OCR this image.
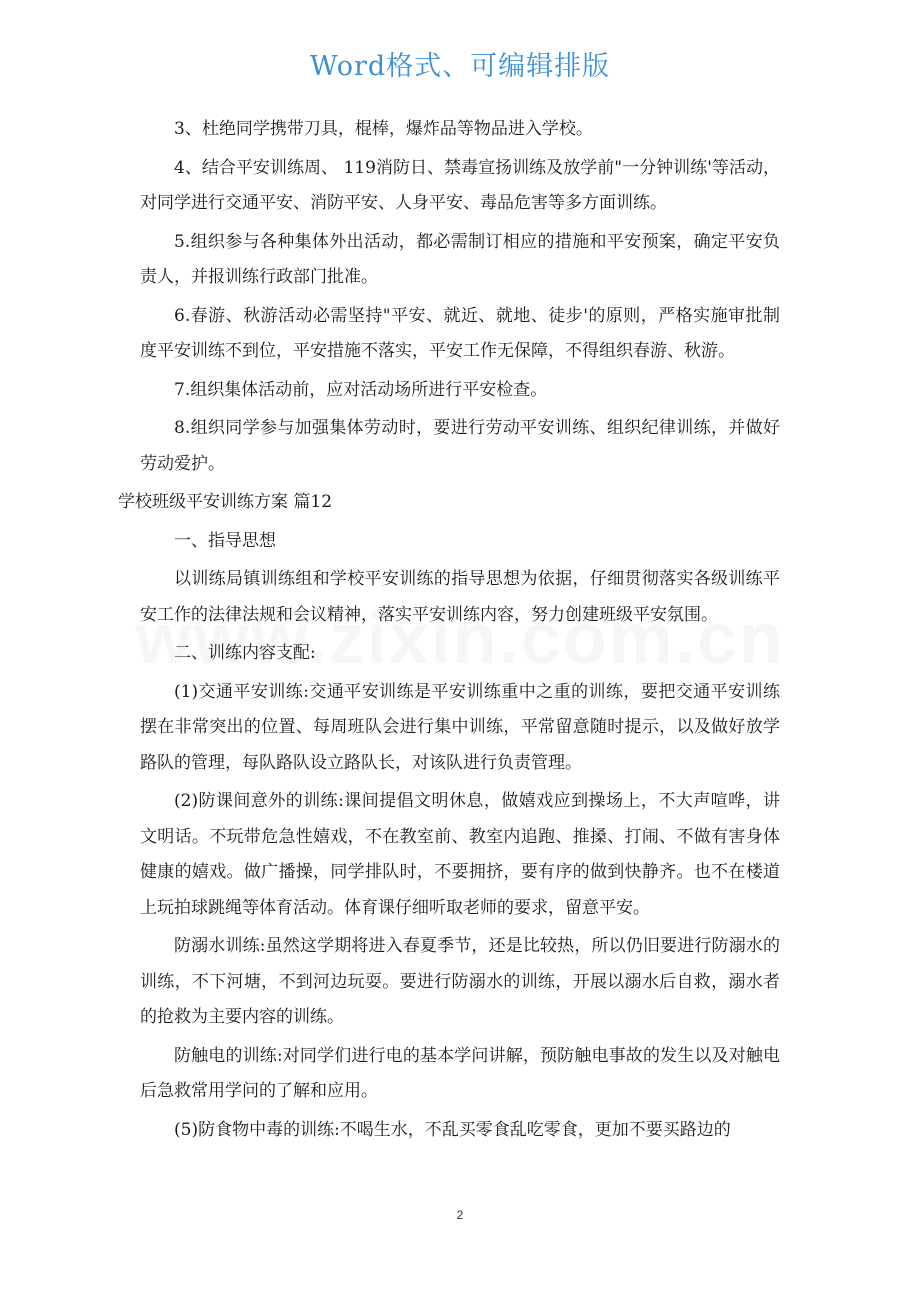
Word格式、可编辑排版

3、杜绝同学携带刀具，棍棒，爆炸品等物品进入学校。

4、结合平安训练周、 119消防日、禁毒宣扬训练及放学前"一分钟训练'等活动，对同学进行交通平安、消防平安、人身平安、毒品危害等多方面训练。

5.组织参与各种集体外出活动，都必需制订相应的措施和平安预案，确定平安负责人，并报训练行政部门批准。

6.春游、秋游活动必需坚持"平安、就近、就地、徒步'的原则，严格实施审批制度平安训练不到位，平安措施不落实，平安工作无保障，不得组织春游、秋游。

7.组织集体活动前，应对活动场所进行平安检查。

8.组织同学参与加强集体劳动时，要进行劳动平安训练、组织纪律训练，并做好劳动爱护。

学校班级平安训练方案 篇12

一、指导思想

以训练局镇训练组和学校平安训练的指导思想为依据，仔细贯彻落实各级训练平安工作的法律法规和会议精神，落实平安训练内容，努力创建班级平安氛围。

二、训练内容支配:

(1)交通平安训练:交通平安训练是平安训练重中之重的训练，要把交通平安训练摆在非常突出的位置、每周班队会进行集中训练，平常留意随时提示，以及做好放学路队的管理，每队路队设立路队长，对该队进行负责管理。

(2)防课间意外的训练:课间提倡文明休息，做嬉戏应到操场上，不大声喧哗，讲文明话。不玩带危急性嬉戏，不在教室前、教室内追跑、推搡、打闹、不做有害身体健康的嬉戏。做广播操，同学排队时，不要拥挤，要有序的做到快静齐。也不在楼道上玩拍球跳绳等体育活动。体育课仔细听取老师的要求，留意平安。

防溺水训练:虽然这学期将进入春夏季节，还是比较热，所以仍旧要进行防溺水的训练，不下河塘，不到河边玩耍。要进行防溺水的训练，开展以溺水后自救，溺水者的抢救为主要内容的训练。

防触电的训练:对同学们进行电的基本学问讲解，预防触电事故的发生以及对触电后急救常用学问的了解和应用。

(5)防食物中毒的训练:不喝生水，不乱买零食乱吃零食，更加不要买路边的

2
